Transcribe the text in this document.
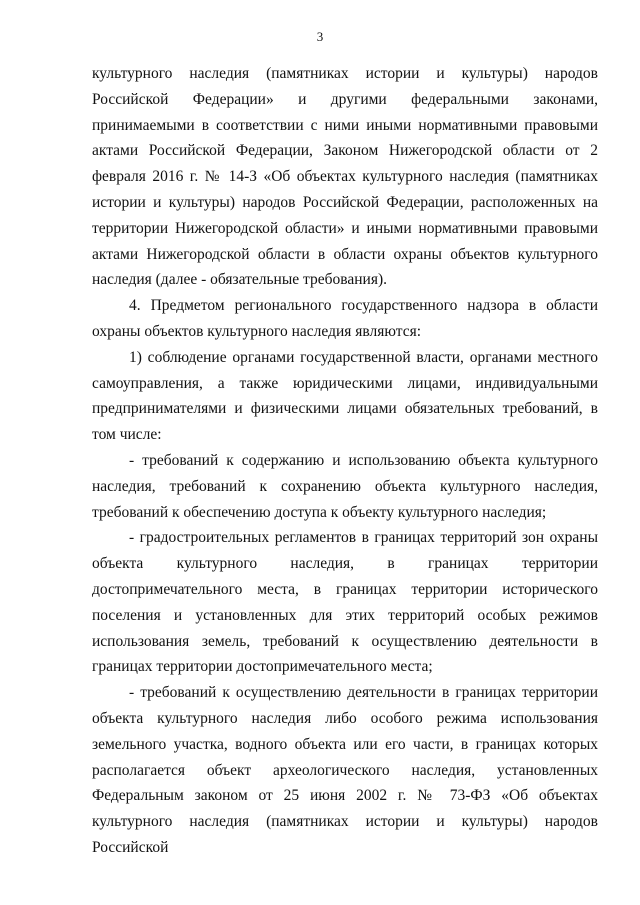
3

культурного наследия (памятниках истории и культуры) народов Российской Федерации» и другими федеральными законами, принимаемыми в соответствии с ними иными нормативными правовыми актами Российской Федерации, Законом Нижегородской области от 2 февраля 2016 г. № 14-З «Об объектах культурного наследия (памятниках истории и культуры) народов Российской Федерации, расположенных на территории Нижегородской области» и иными нормативными правовыми актами Нижегородской области в области охраны объектов культурного наследия (далее - обязательные требования).

4. Предметом регионального государственного надзора в области охраны объектов культурного наследия являются:

1) соблюдение органами государственной власти, органами местного самоуправления, а также юридическими лицами, индивидуальными предпринимателями и физическими лицами обязательных требований, в том числе:

- требований к содержанию и использованию объекта культурного наследия, требований к сохранению объекта культурного наследия, требований к обеспечению доступа к объекту культурного наследия;

- градостроительных регламентов в границах территорий зон охраны объекта культурного наследия, в границах территории достопримечательного места, в границах территории исторического поселения и установленных для этих территорий особых режимов использования земель, требований к осуществлению деятельности в границах территории достопримечательного места;

- требований к осуществлению деятельности в границах территории объекта культурного наследия либо особого режима использования земельного участка, водного объекта или его части, в границах которых располагается объект археологического наследия, установленных Федеральным законом от 25 июня 2002 г. № 73-ФЗ «Об объектах культурного наследия (памятниках истории и культуры) народов Российской
